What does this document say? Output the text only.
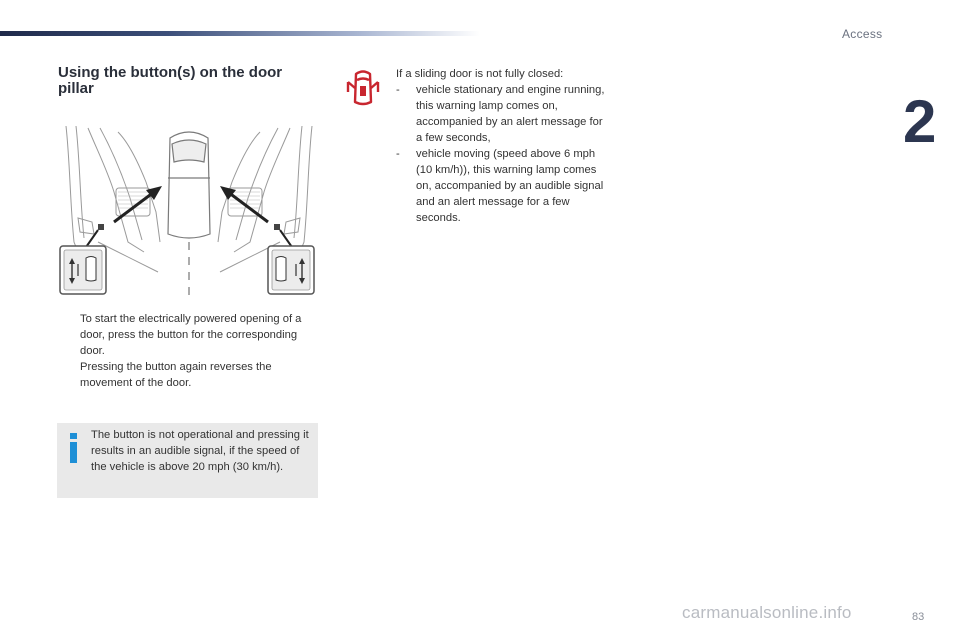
Access
2
Using the button(s) on the door pillar
To start the electrically powered opening of a door, press the button for the corresponding door.
Pressing the button again reverses the movement of the door.
The button is not operational and pressing it results in an audible signal, if the speed of the vehicle is above 20 mph (30 km/h).
If a sliding door is not fully closed:
- vehicle stationary and engine running, this warning lamp comes on, accompanied by an alert message for a few seconds,
- vehicle moving (speed above 6 mph (10 km/h)), this warning lamp comes on, accompanied by an audible signal and an alert message for a few seconds.
carmanualsonline.info	83
